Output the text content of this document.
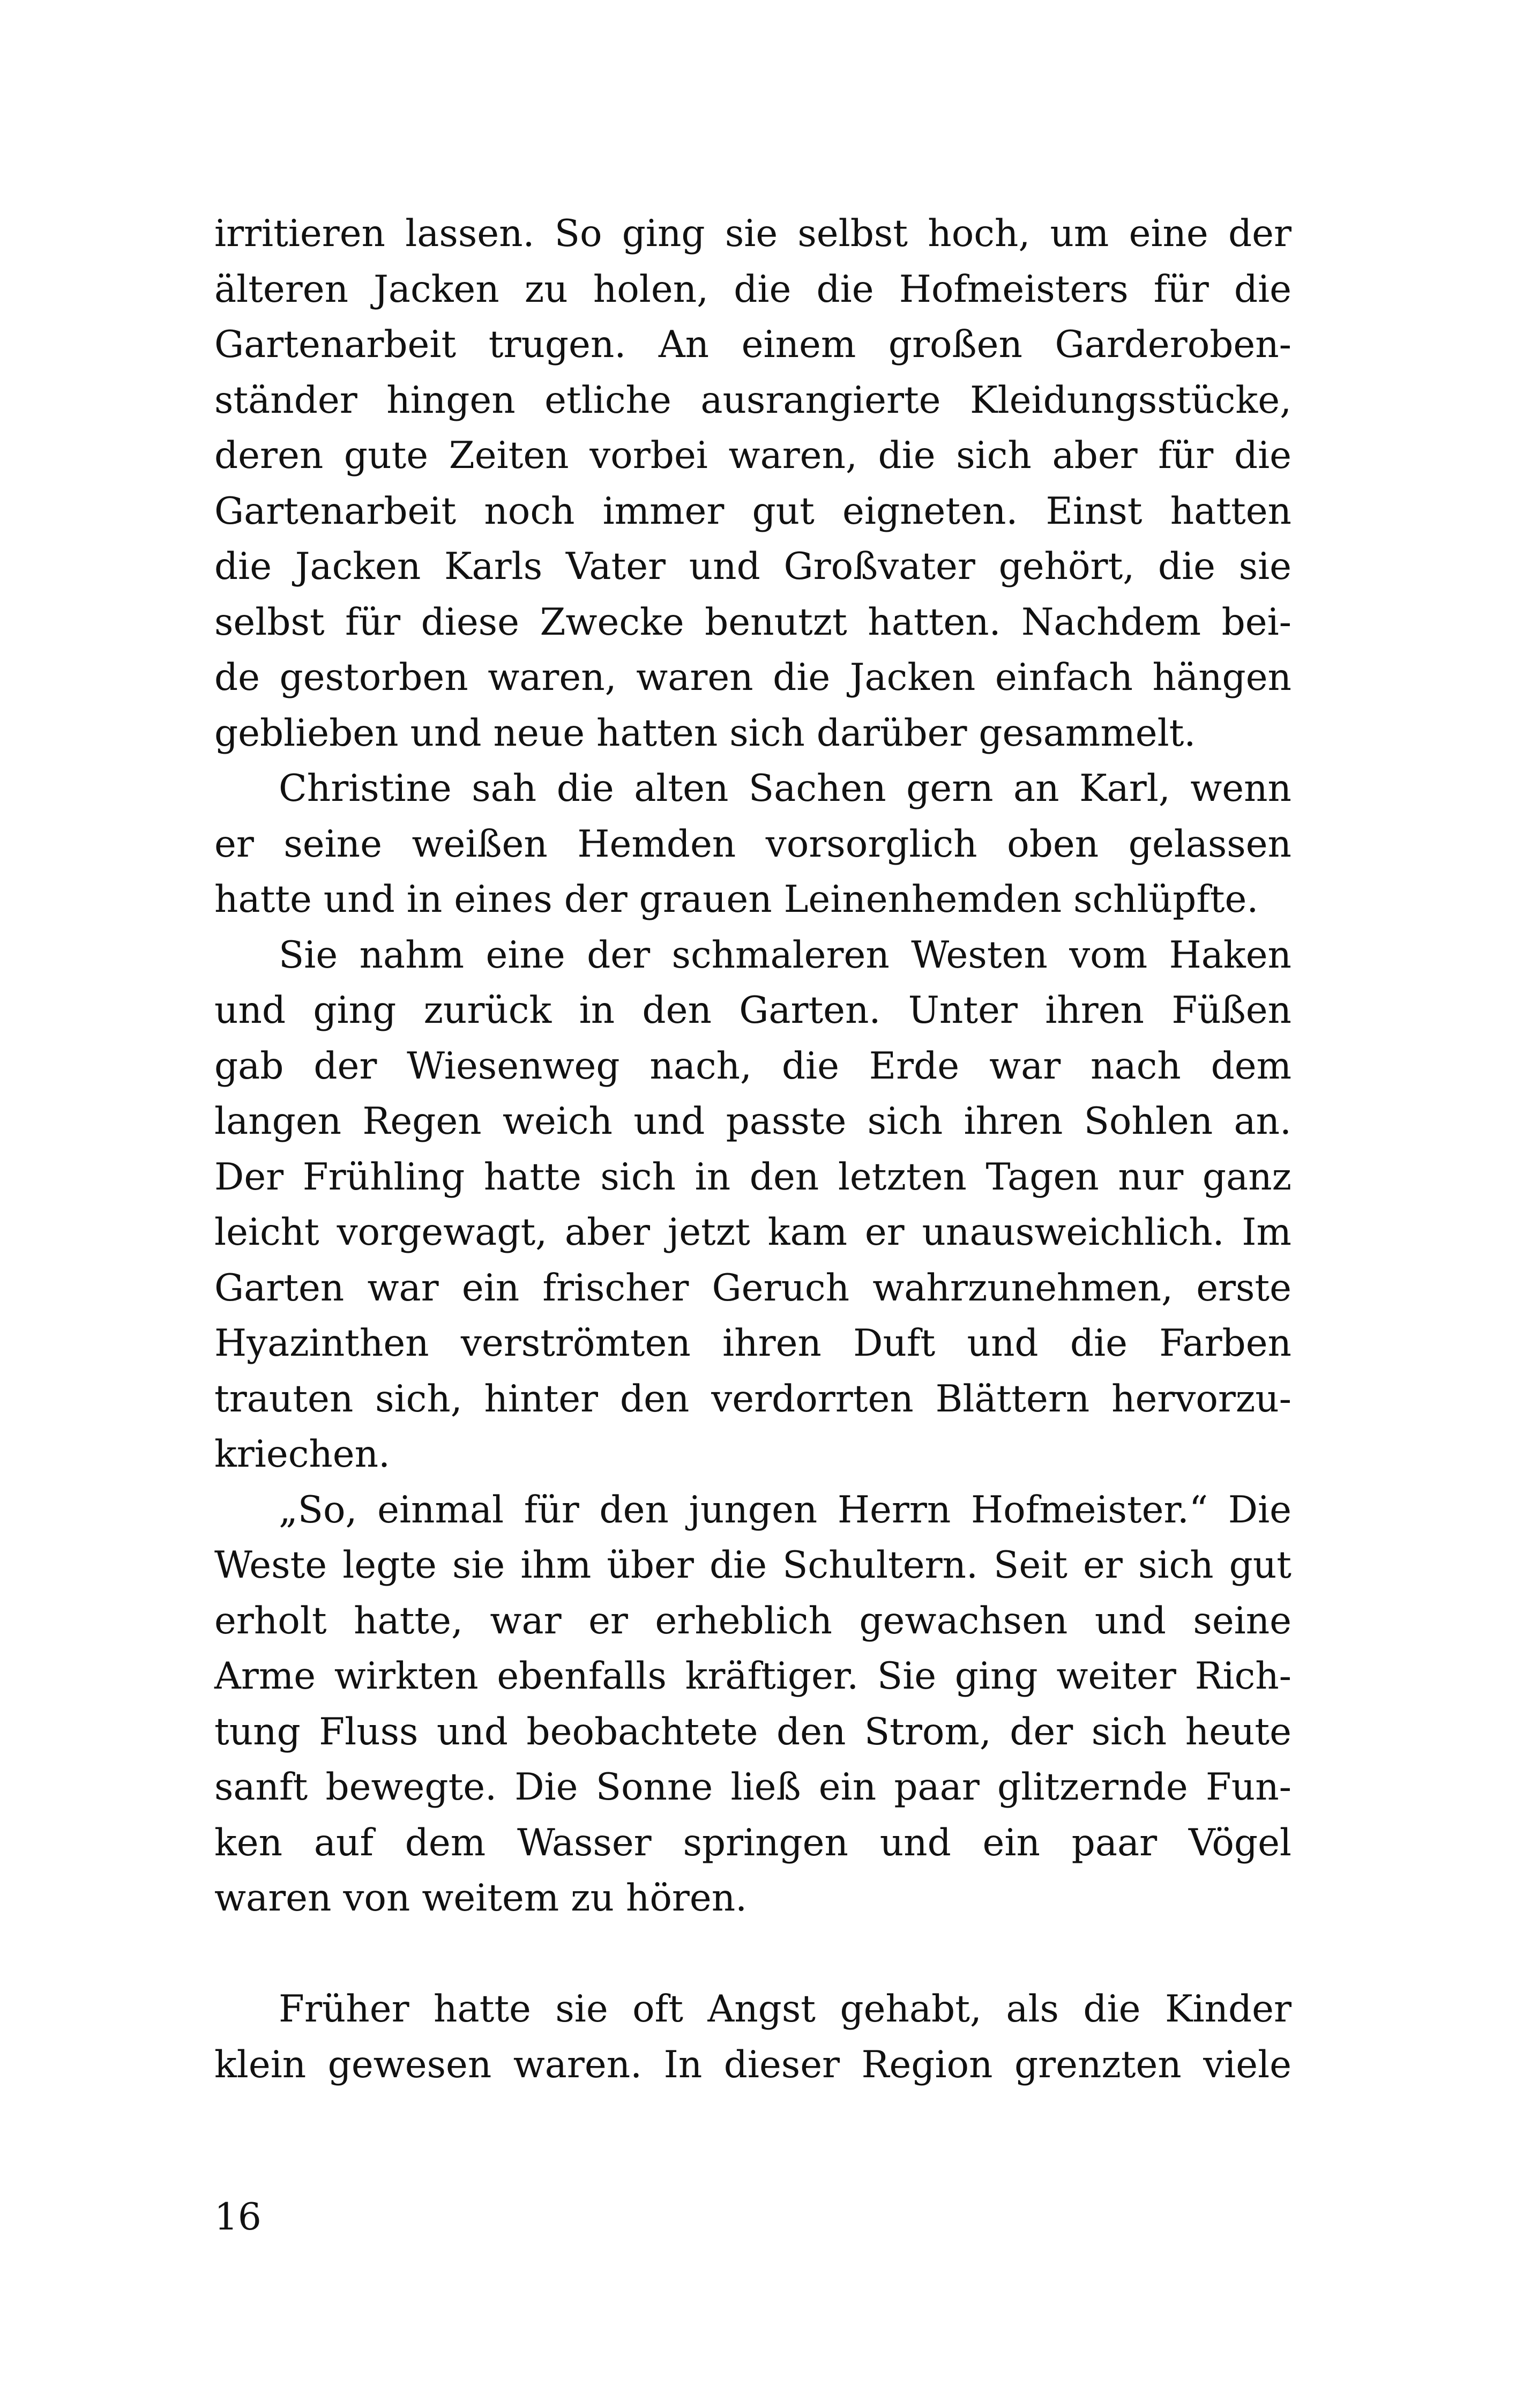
irritieren lassen. So ging sie selbst hoch, um eine der
älteren Jacken zu holen, die die Hofmeisters für die
Gartenarbeit trugen. An einem großen Garderoben-
ständer hingen etliche ausrangierte Kleidungsstücke,
deren gute Zeiten vorbei waren, die sich aber für die
Gartenarbeit noch immer gut eigneten. Einst hatten
die Jacken Karls Vater und Großvater gehört, die sie
selbst für diese Zwecke benutzt hatten. Nachdem bei-
de gestorben waren, waren die Jacken einfach hängen
geblieben und neue hatten sich darüber gesammelt.

Christine sah die alten Sachen gern an Karl, wenn
er seine weißen Hemden vorsorglich oben gelassen
hatte und in eines der grauen Leinenhemden schlüpfte.

Sie nahm eine der schmaleren Westen vom Haken
und ging zurück in den Garten. Unter ihren Füßen
gab der Wiesenweg nach, die Erde war nach dem
langen Regen weich und passte sich ihren Sohlen an.
Der Frühling hatte sich in den letzten Tagen nur ganz
leicht vorgewagt, aber jetzt kam er unausweichlich. Im
Garten war ein frischer Geruch wahrzunehmen, erste
Hyazinthen verströmten ihren Duft und die Farben
trauten sich, hinter den verdorrten Blättern hervorzu-
kriechen.

„So, einmal für den jungen Herrn Hofmeister.“ Die
Weste legte sie ihm über die Schultern. Seit er sich gut
erholt hatte, war er erheblich gewachsen und seine
Arme wirkten ebenfalls kräftiger. Sie ging weiter Rich-
tung Fluss und beobachtete den Strom, der sich heute
sanft bewegte. Die Sonne ließ ein paar glitzernde Fun-
ken auf dem Wasser springen und ein paar Vögel
waren von weitem zu hören.

Früher hatte sie oft Angst gehabt, als die Kinder
klein gewesen waren. In dieser Region grenzten viele

16
